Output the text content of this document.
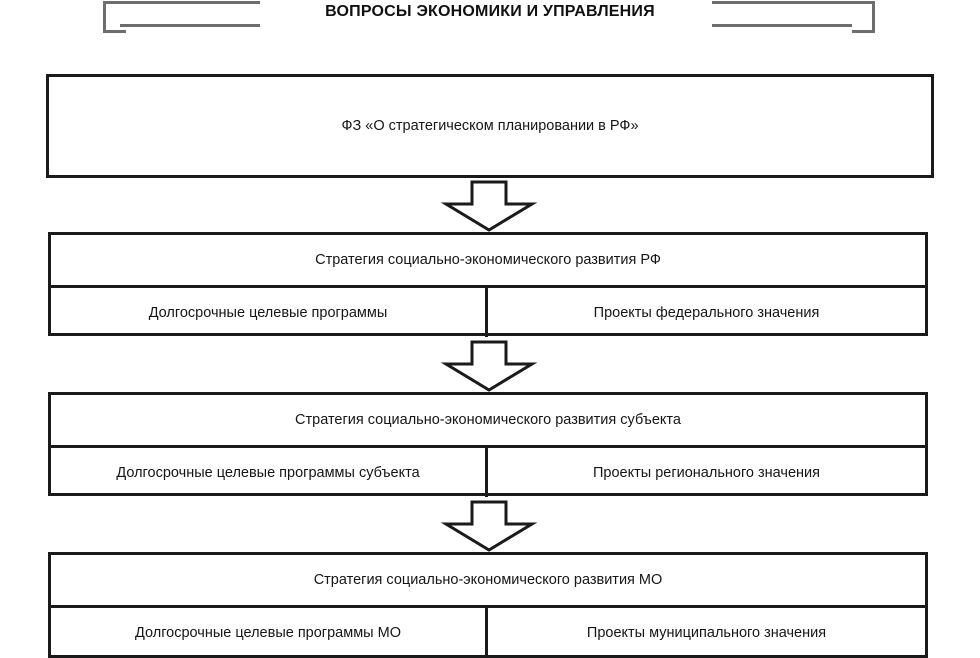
ВОПРОСЫ ЭКОНОМИКИ И УПРАВЛЕНИЯ
ФЗ «О стратегическом планировании в РФ»
Стратегия социально-экономического развития РФ
Долгосрочные целевые программы	Проекты федерального значения
Стратегия социально-экономического развития субъекта
Долгосрочные целевые программы субъекта	Проекты регионального значения
Стратегия социально-экономического развития МО
Долгосрочные целевые программы МО	Проекты муниципального значения
